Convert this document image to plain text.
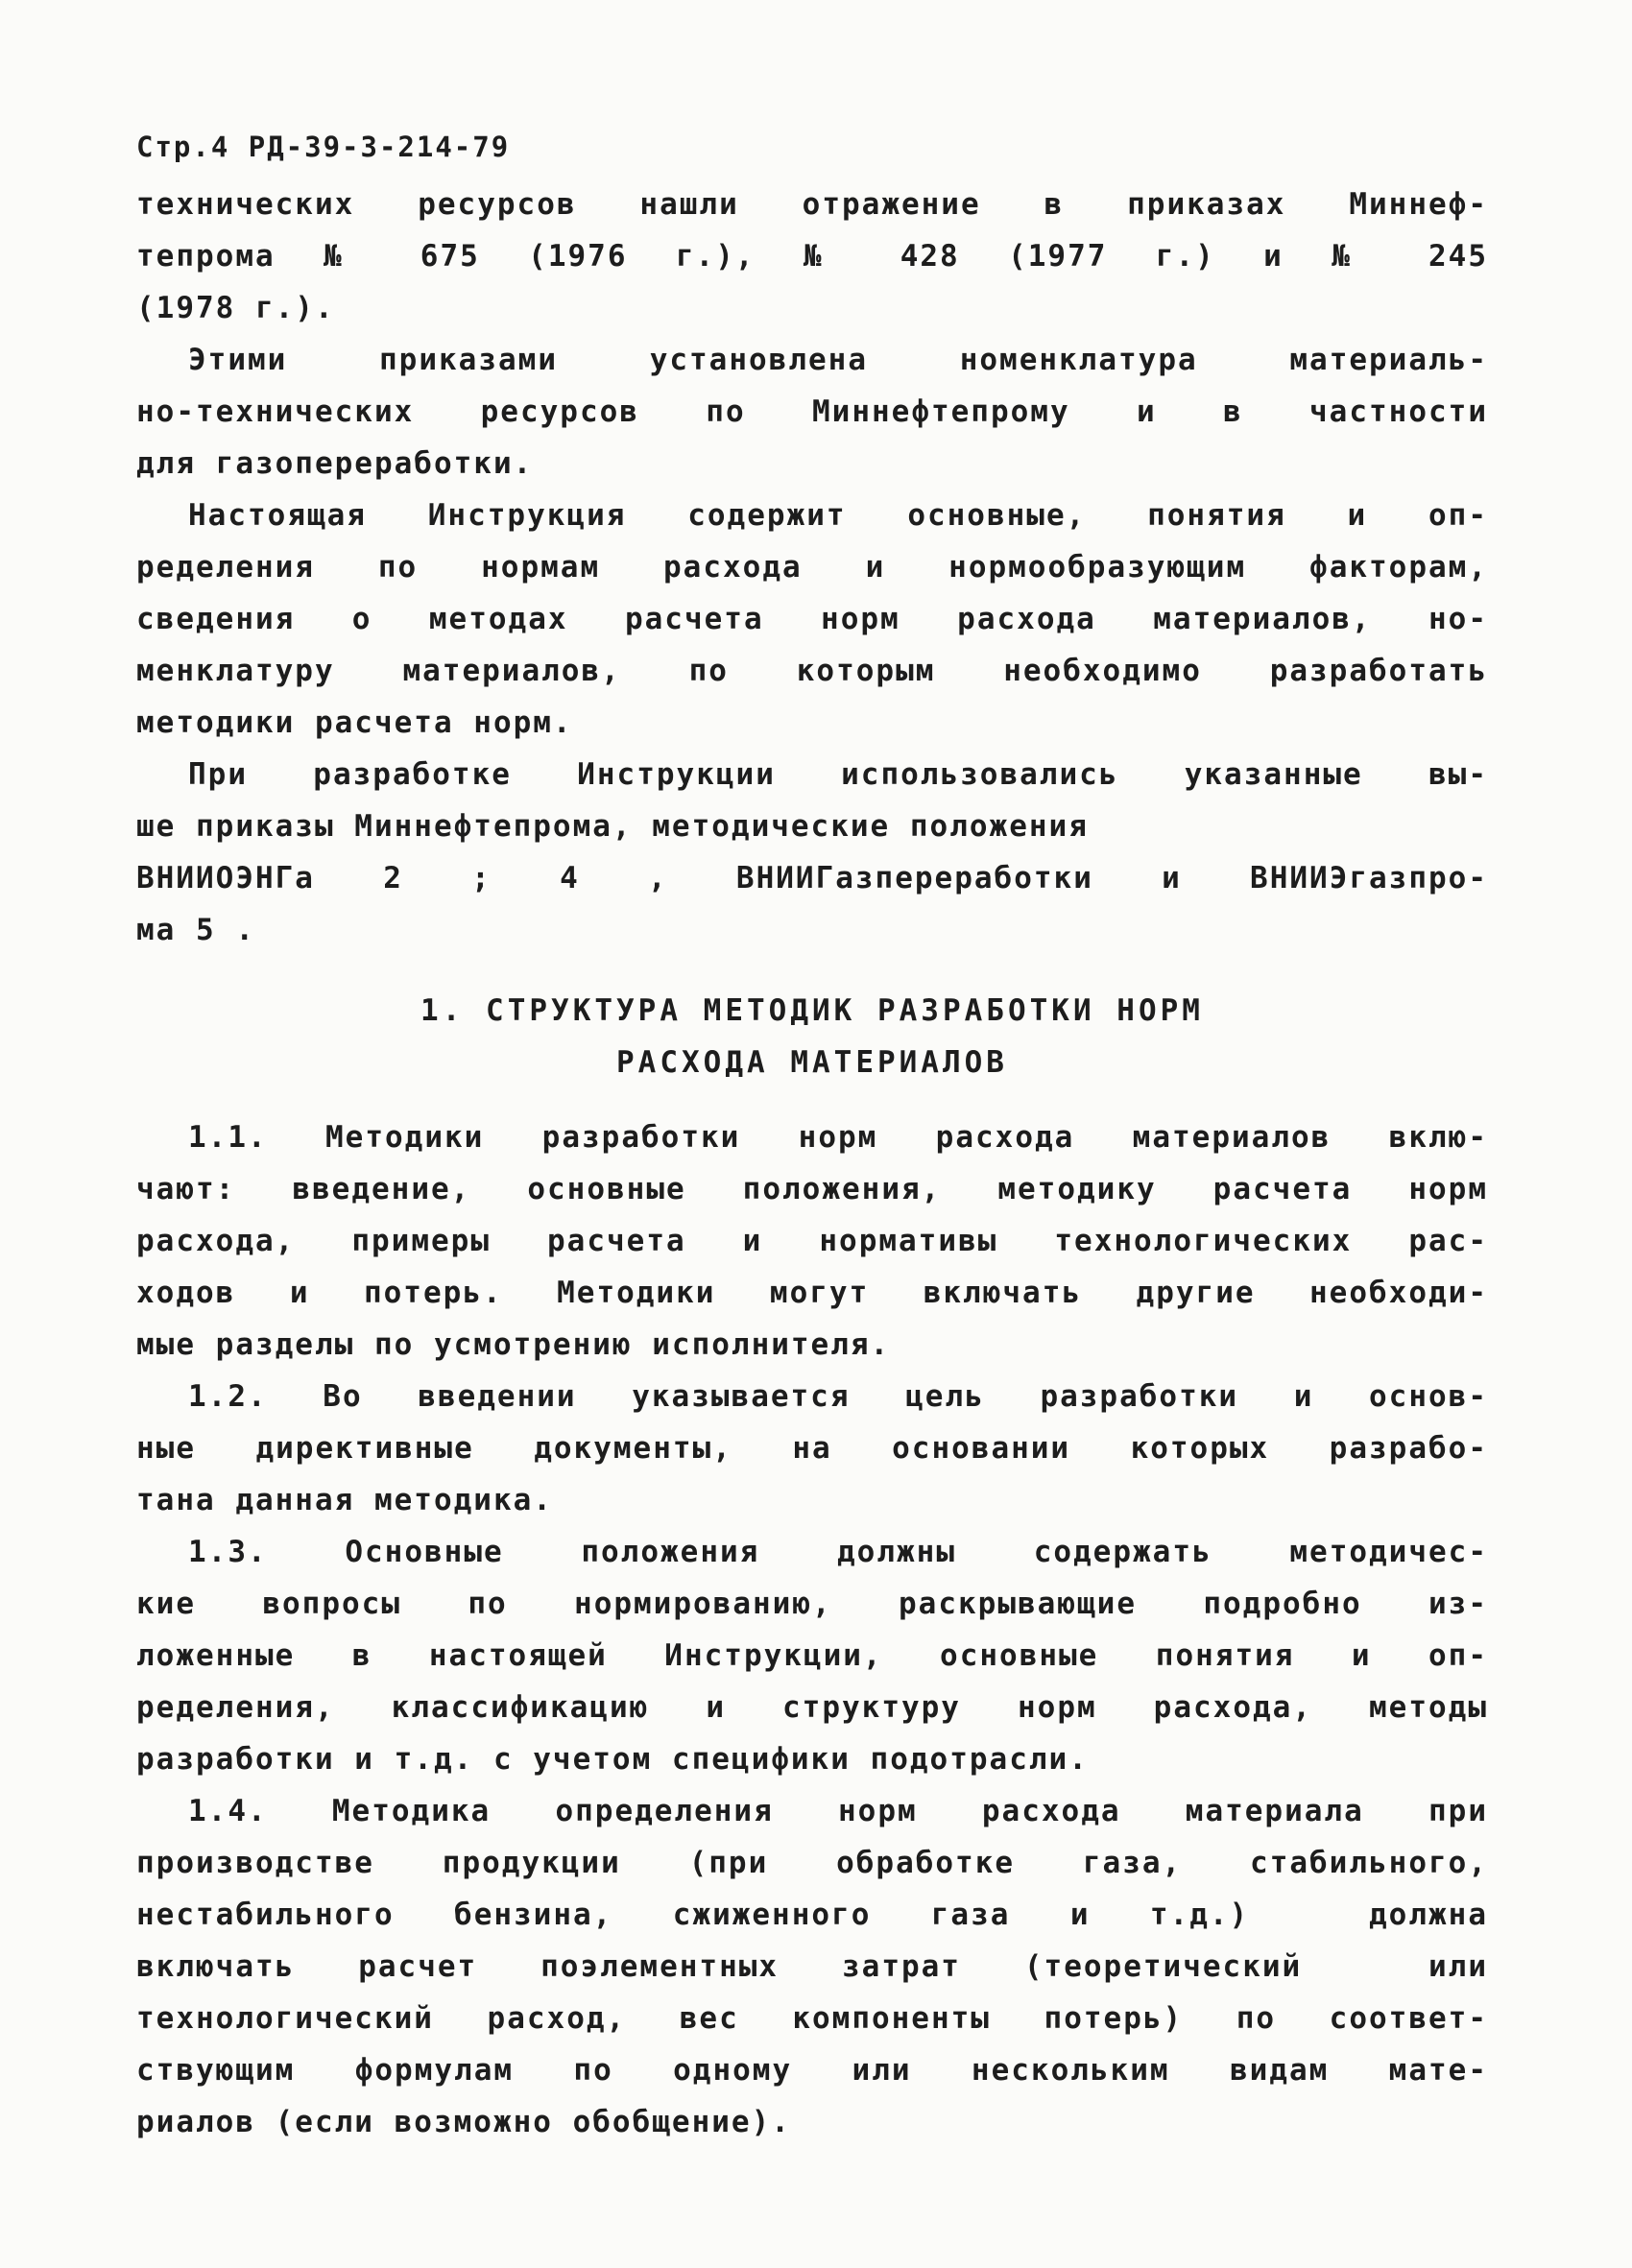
Стр.4 РД-39-3-214-79
технических ресурсов нашли отражение в приказах Миннеф-
тепрома № 675 (1976 г.), № 428 (1977 г.) и № 245
(1978 г.).
Этими приказами установлена номенклатура материаль-
но-технических ресурсов по Миннефтепрому и в частности
для газопереработки.
Настоящая Инструкция содержит основные, понятия и оп-
ределения по нормам расхода и нормообразующим факторам,
сведения о методах расчета норм расхода материалов, но-
менклатуру материалов, по которым необходимо разработать
методики расчета норм.
При разработке Инструкции использовались указанные вы-
ше приказы Миннефтепрома, методические положения
ВНИИОЭНГа 2 ; 4 , ВНИИГазпереработки и ВНИИЭгазпро-
ма 5 .
1. СТРУКТУРА МЕТОДИК РАЗРАБОТКИ НОРМ
РАСХОДА МАТЕРИАЛОВ
1.1. Методики разработки норм расхода материалов вклю-
чают: введение, основные положения, методику расчета норм
расхода, примеры расчета и нормативы технологических рас-
ходов и потерь. Методики могут включать другие необходи-
мые разделы по усмотрению исполнителя.
1.2. Во введении указывается цель разработки и основ-
ные директивные документы, на основании которых разрабо-
тана данная методика.
1.3. Основные положения должны содержать методичес-
кие вопросы по нормированию, раскрывающие подробно из-
ложенные в настоящей Инструкции, основные понятия и оп-
ределения, классификацию и структуру норм расхода, методы
разработки и т.д. с учетом специфики подотрасли.
1.4. Методика определения норм расхода материала при
производстве продукции (при обработке газа, стабильного,
нестабильного бензина, сжиженного газа и т.д.)  должна
включать расчет поэлементных затрат (теоретический  или
технологический расход, вес компоненты потерь) по соответ-
ствующим формулам по одному или нескольким видам мате-
риалов (если возможно обобщение).
